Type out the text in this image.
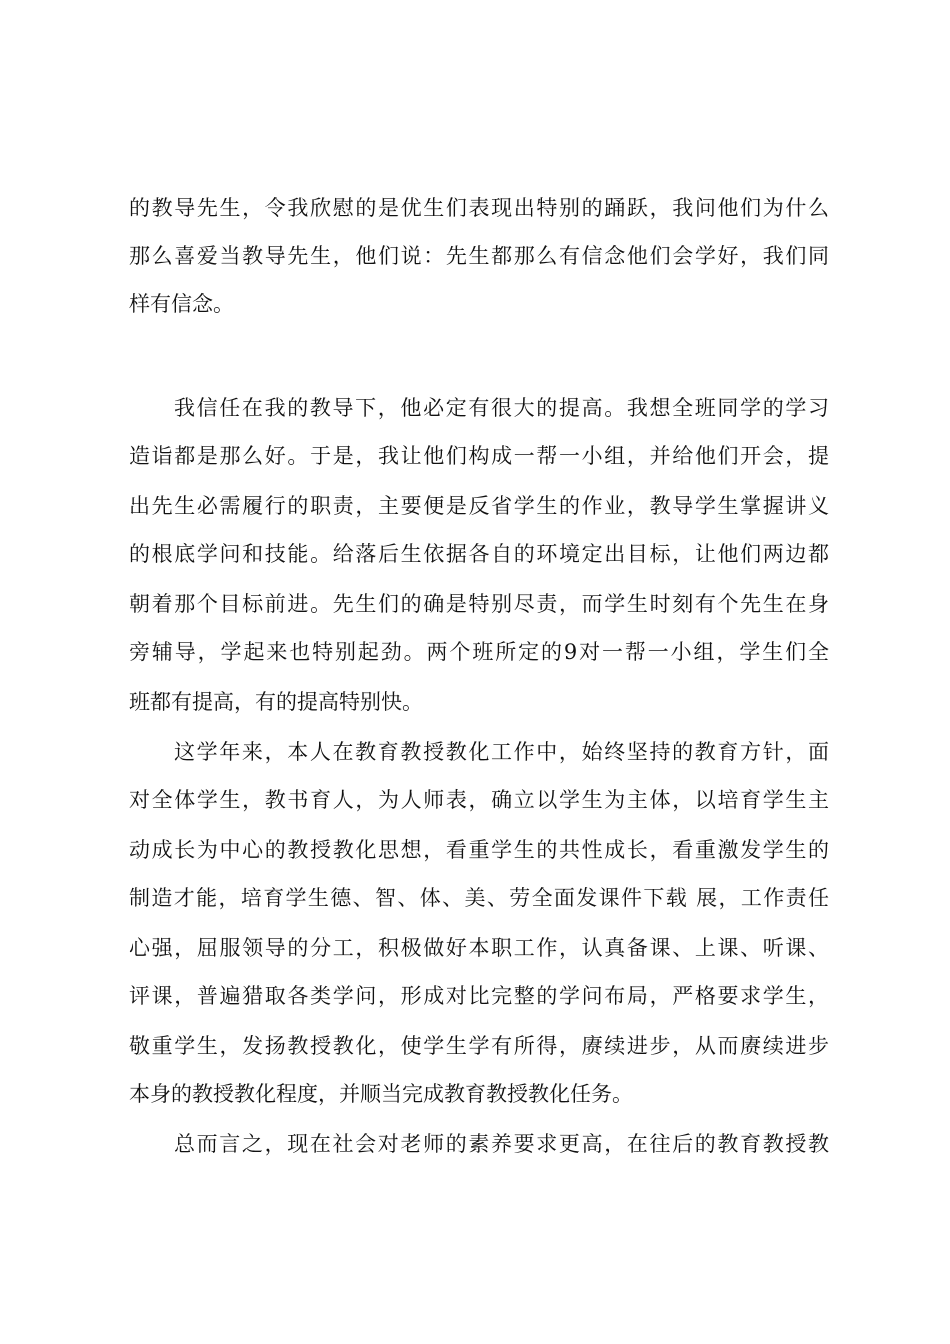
的教导先生，令我欣慰的是优生们表现出特别的踊跃，我问他们为什么
那么喜爱当教导先生，他们说：先生都那么有信念他们会学好，我们同
样有信念。
我信任在我的教导下，他必定有很大的提高。我想全班同学的学习
造诣都是那么好。于是，我让他们构成一帮一小组，并给他们开会，提
出先生必需履行的职责，主要便是反省学生的作业，教导学生掌握讲义
的根底学问和技能。给落后生依据各自的环境定出目标，让他们两边都
朝着那个目标前进。先生们的确是特别尽责，而学生时刻有个先生在身
旁辅导，学起来也特别起劲。两个班所定的9对一帮一小组，学生们全
班都有提高，有的提高特别快。
这学年来，本人在教育教授教化工作中，始终坚持的教育方针，面
对全体学生，教书育人，为人师表，确立以学生为主体，以培育学生主
动成长为中心的教授教化思想，看重学生的共性成长，看重激发学生的
制造才能，培育学生德、智、体、美、劳全面发课件下载 展，工作责任
心强，屈服领导的分工，积极做好本职工作，认真备课、上课、听课、
评课，普遍猎取各类学问，形成对比完整的学问布局，严格要求学生，
敬重学生，发扬教授教化，使学生学有所得，赓续进步，从而赓续进步
本身的教授教化程度，并顺当完成教育教授教化任务。
总而言之，现在社会对老师的素养要求更高，在往后的教育教授教
